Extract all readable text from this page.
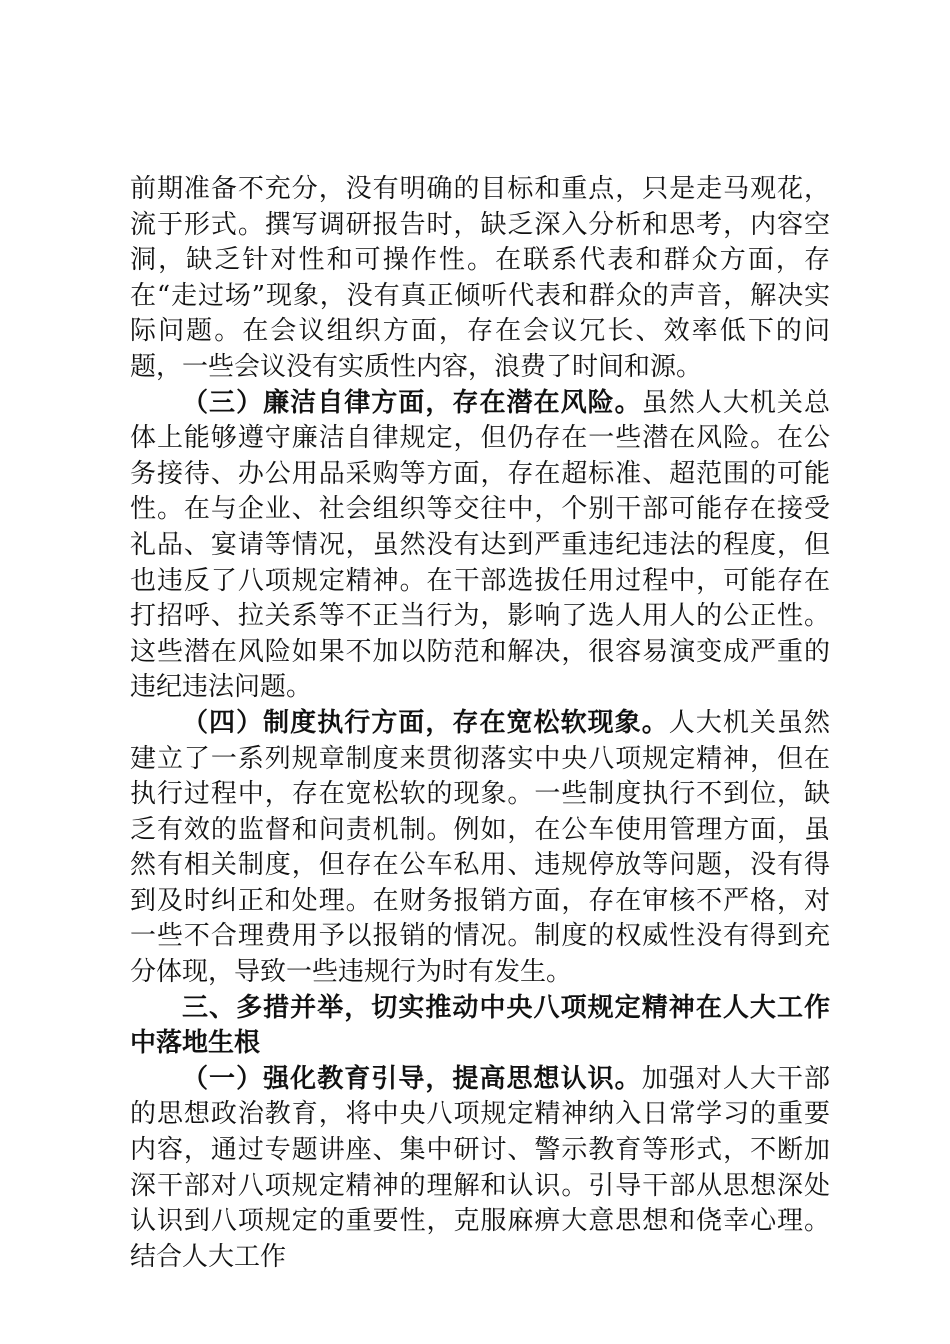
前期准备不充分，没有明确的目标和重点，只是走马观花，流于形式。撰写调研报告时，缺乏深入分析和思考，内容空洞，缺乏针对性和可操作性。在联系代表和群众方面，存在“走过场”现象，没有真正倾听代表和群众的声音，解决实际问题。在会议组织方面，存在会议冗长、效率低下的问题，一些会议没有实质性内容，浪费了时间和源。

（三）廉洁自律方面，存在潜在风险。虽然人大机关总体上能够遵守廉洁自律规定，但仍存在一些潜在风险。在公务接待、办公用品采购等方面，存在超标准、超范围的可能性。在与企业、社会组织等交往中，个别干部可能存在接受礼品、宴请等情况，虽然没有达到严重违纪违法的程度，但也违反了八项规定精神。在干部选拔任用过程中，可能存在打招呼、拉关系等不正当行为，影响了选人用人的公正性。这些潜在风险如果不加以防范和解决，很容易演变成严重的违纪违法问题。

（四）制度执行方面，存在宽松软现象。人大机关虽然建立了一系列规章制度来贯彻落实中央八项规定精神，但在执行过程中，存在宽松软的现象。一些制度执行不到位，缺乏有效的监督和问责机制。例如，在公车使用管理方面，虽然有相关制度，但存在公车私用、违规停放等问题，没有得到及时纠正和处理。在财务报销方面，存在审核不严格，对一些不合理费用予以报销的情况。制度的权威性没有得到充分体现，导致一些违规行为时有发生。

三、多措并举，切实推动中央八项规定精神在人大工作中落地生根

（一）强化教育引导，提高思想认识。加强对人大干部的思想政治教育，将中央八项规定精神纳入日常学习的重要内容，通过专题讲座、集中研讨、警示教育等形式，不断加深干部对八项规定精神的理解和认识。引导干部从思想深处认识到八项规定的重要性，克服麻痹大意思想和侥幸心理。结合人大工作
